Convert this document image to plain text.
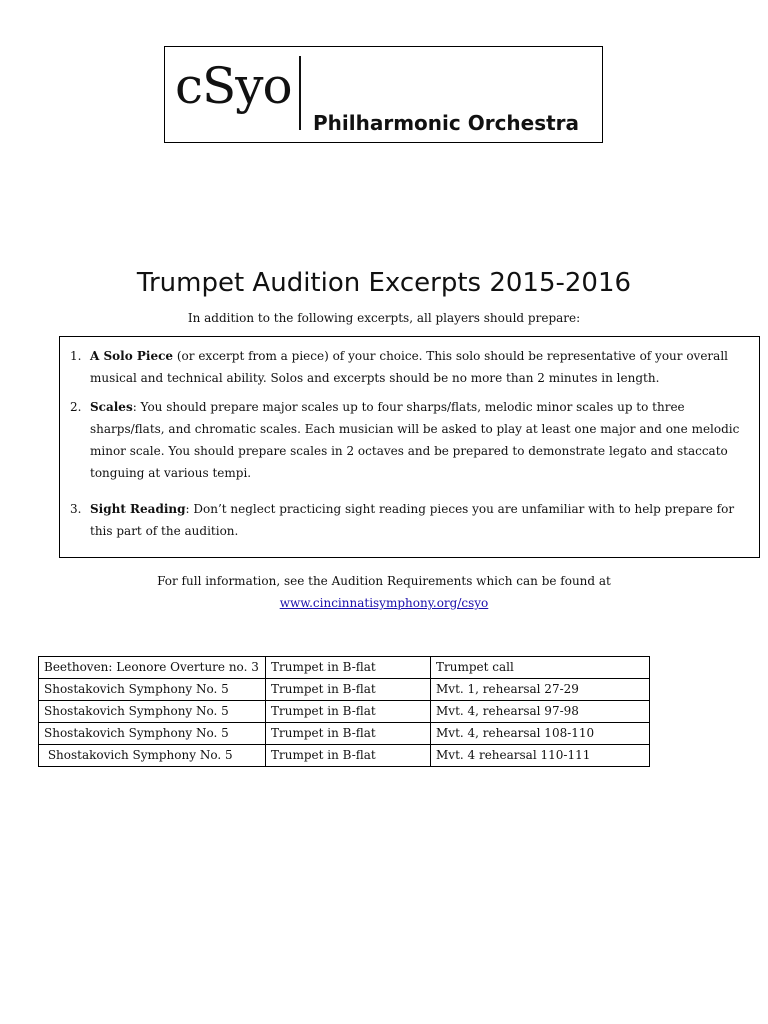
cSyo
Philharmonic Orchestra
Trumpet Audition Excerpts 2015-2016
In addition to the following excerpts, all players should prepare:
1. A Solo Piece (or excerpt from a piece) of your choice. This solo should be representative of your overall musical and technical ability. Solos and excerpts should be no more than 2 minutes in length.
2. Scales: You should prepare major scales up to four sharps/flats, melodic minor scales up to three sharps/flats, and chromatic scales. Each musician will be asked to play at least one major and one melodic minor scale. You should prepare scales in 2 octaves and be prepared to demonstrate legato and staccato tonguing at various tempi.
3. Sight Reading: Don’t neglect practicing sight reading pieces you are unfamiliar with to help prepare for this part of the audition.
For full information, see the Audition Requirements which can be found at
www.cincinnatisymphony.org/csyo
Beethoven: Leonore Overture no. 3	Trumpet in B-flat	Trumpet call
Shostakovich Symphony No. 5	Trumpet in B-flat	Mvt. 1, rehearsal 27-29
Shostakovich Symphony No. 5	Trumpet in B-flat	Mvt. 4, rehearsal 97-98
Shostakovich Symphony No. 5	Trumpet in B-flat	Mvt. 4, rehearsal 108-110
Shostakovich Symphony No. 5	Trumpet in B-flat	Mvt. 4 rehearsal 110-111
